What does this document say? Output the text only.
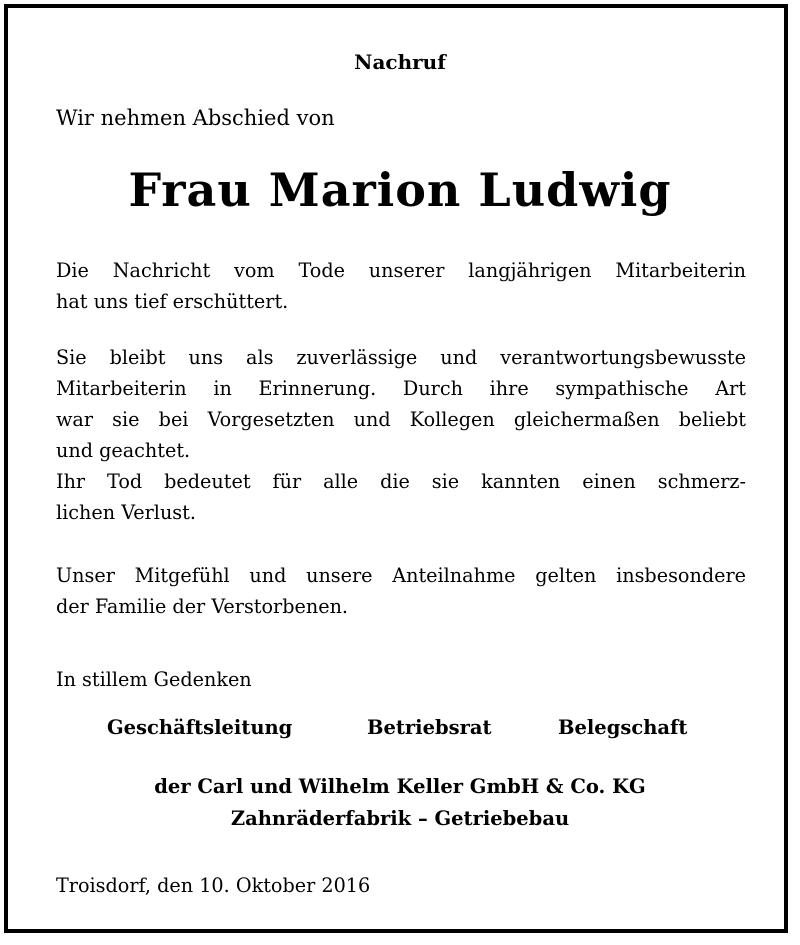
Nachruf
Wir nehmen Abschied von
Frau Marion Ludwig
Die Nachricht vom Tode unserer langjährigen Mitarbeiterin
hat uns tief erschüttert.
Sie bleibt uns als zuverlässige und verantwortungsbewusste
Mitarbeiterin in Erinnerung. Durch ihre sympathische Art
war sie bei Vorgesetzten und Kollegen gleichermaßen beliebt
und geachtet.
Ihr Tod bedeutet für alle die sie kannten einen schmerz-
lichen Verlust.
Unser Mitgefühl und unsere Anteilnahme gelten insbesondere
der Familie der Verstorbenen.
In stillem Gedenken
Geschäftsleitung	Betriebsrat	Belegschaft
der Carl und Wilhelm Keller GmbH & Co. KG
Zahnräderfabrik – Getriebebau
Troisdorf, den 10. Oktober 2016
